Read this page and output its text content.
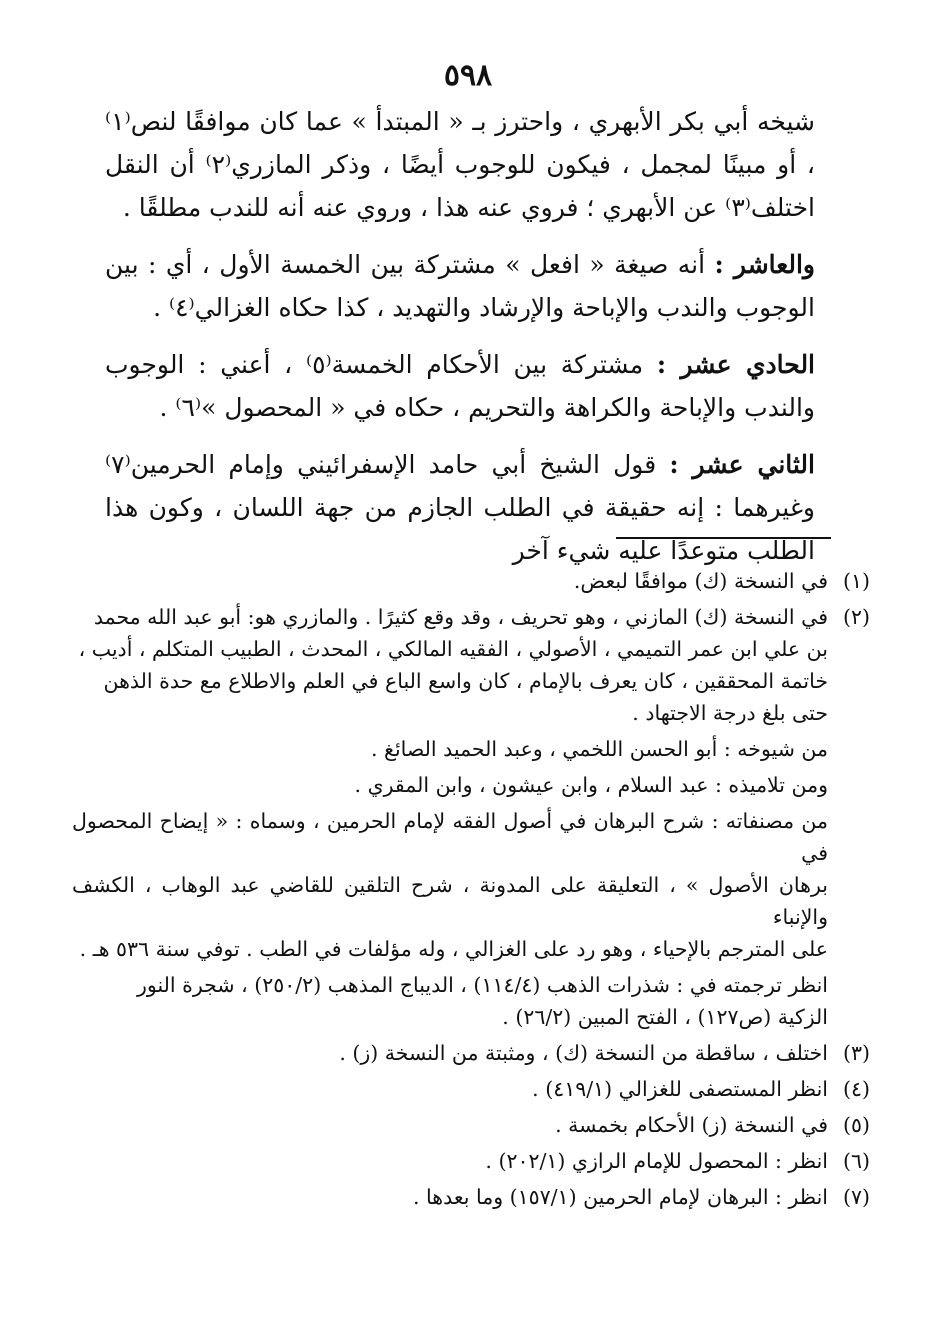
٥٩٨

شيخه أبي بكر الأبهري ، واحترز بـ « المبتدأ » عما كان موافقًا لنص⁽١⁾ ، أو مبينًا لمجمل ، فيكون للوجوب أيضًا ، وذكر المازري⁽٢⁾ أن النقل اختلف⁽٣⁾ عن الأبهري ؛ فروي عنه هذا ، وروي عنه أنه للندب مطلقًا .

والعاشر : أنه صيغة « افعل » مشتركة بين الخمسة الأول ، أي : بين الوجوب والندب والإباحة والإرشاد والتهديد ، كذا حكاه الغزالي⁽٤⁾ .

الحادي عشر : مشتركة بين الأحكام الخمسة⁽٥⁾ ، أعني : الوجوب والندب والإباحة والكراهة والتحريم ، حكاه في « المحصول »⁽٦⁾ .

الثاني عشر : قول الشيخ أبي حامد الإسفرائيني وإمام الحرمين⁽٧⁾ وغيرهما : إنه حقيقة في الطلب الجازم من جهة اللسان ، وكون هذا الطلب متوعدًا عليه شيء آخر

(١)
في النسخة (ك) موافقًا لبعض.
(٢)

في النسخة (ك) المازني ، وهو تحريف ، وقد وقع كثيرًا . والمازري هو: أبو عبد الله محمد

بن علي ابن عمر التميمي ، الأصولي ، الفقيه المالكي ، المحدث ، الطبيب المتكلم ، أديب ،

خاتمة المحققين ، كان يعرف بالإمام ، كان واسع الباع في العلم والاطلاع مع حدة الذهن

حتى بلغ درجة الاجتهاد .

من شيوخه : أبو الحسن اللخمي ، وعبد الحميد الصائغ .

ومن تلاميذه : عبد السلام ، وابن عيشون ، وابن المقري .

من مصنفاته : شرح البرهان في أصول الفقه لإمام الحرمين ، وسماه : « إيضاح المحصول في

برهان الأصول » ، التعليقة على المدونة ، شرح التلقين للقاضي عبد الوهاب ، الكشف والإنباء

على المترجم بالإحياء ، وهو رد على الغزالي ، وله مؤلفات في الطب . توفي سنة ٥٣٦ هـ .

انظر ترجمته في : شذرات الذهب (١١٤/٤) ، الديباج المذهب (٢٥٠/٢) ، شجرة النور

الزكية (ص١٢٧) ، الفتح المبين (٢٦/٢) .

(٣)
اختلف ، ساقطة من النسخة (ك) ، ومثبتة من النسخة (ز) .
(٤)
انظر المستصفى للغزالي (٤١٩/١) .
(٥)
في النسخة (ز) الأحكام بخمسة .
(٦)
انظر : المحصول للإمام الرازي (٢٠٢/١) .
(٧)
انظر : البرهان لإمام الحرمين (١٥٧/١) وما بعدها .
